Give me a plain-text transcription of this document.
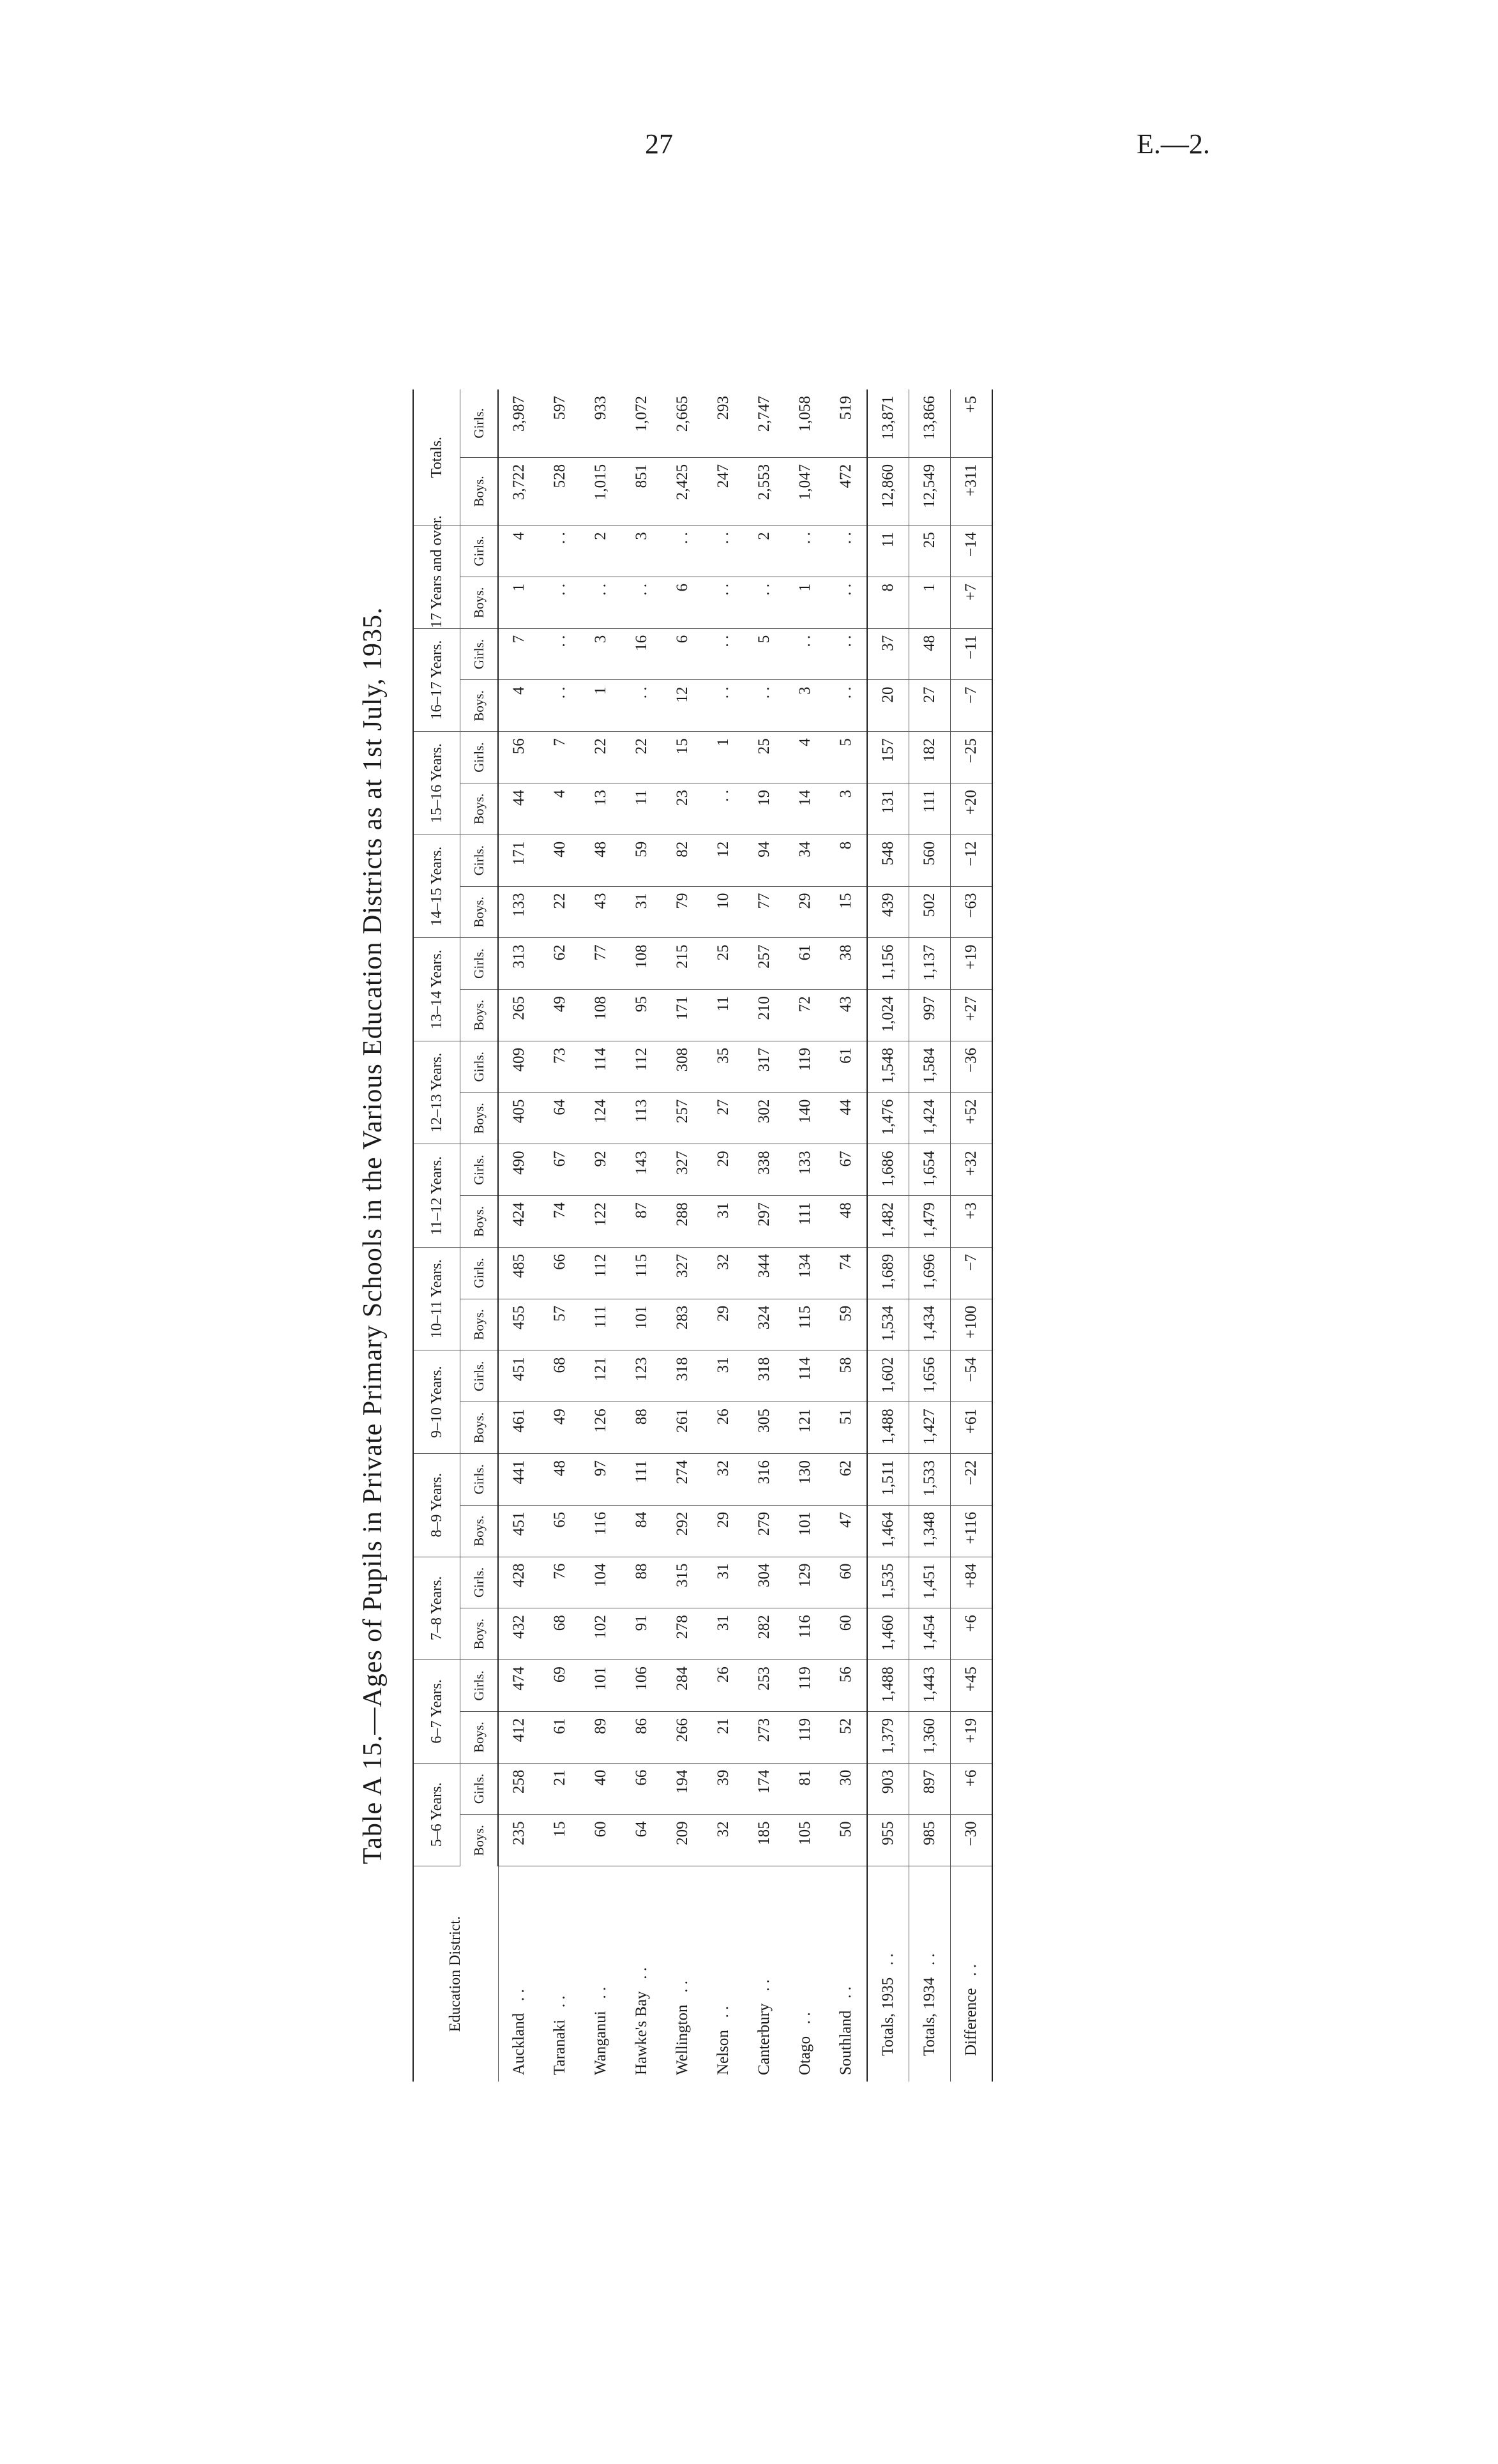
27	E.—2.
Table A 15.—Ages of Pupils in Private Primary Schools in the Various Education Districts as at 1st July, 1935.
Education District.	5–6 Years.		6–7 Years.		7–8 Years.		8–9 Years.		9–10 Years.		10–11 Years.		11–12 Years.		12–13 Years.		13–14 Years.		14–15 Years.		15–16 Years.		16–17 Years.		17 Years and over.		Totals.	
	Boys.	Girls.	Boys.	Girls.	Boys.	Girls.	Boys.	Girls.	Boys.	Girls.	Boys.	Girls.	Boys.	Girls.	Boys.	Girls.	Boys.	Girls.	Boys.	Girls.	Boys.	Girls.	Boys.	Girls.	Boys.	Girls.	Boys.	Girls.
Auckland   . .	235	258	412	474	432	428	451	441	461	451	455	485	424	490	405	409	265	313	133	171	44	56	4	7	1	4	3,722	3,987
Taranaki   . .	15	21	61	69	68	76	65	48	49	68	57	66	74	67	64	73	49	62	22	40	4	7	. .	. .	. .	. .	528	597
Wanganui   . .	60	40	89	101	102	104	116	97	126	121	111	112	122	92	124	114	108	77	43	48	13	22	1	3	. .	2	1,015	933
Hawke's Bay   . .	64	66	86	106	91	88	84	111	88	123	101	115	87	143	113	112	95	108	31	59	11	22	. .	16	. .	3	851	1,072
Wellington   . .	209	194	266	284	278	315	292	274	261	318	283	327	288	327	257	308	171	215	79	82	23	15	12	6	6	. .	2,425	2,665
Nelson   . .	32	39	21	26	31	31	29	32	26	31	29	32	31	29	27	35	11	25	10	12	. .	1	. .	. .	. .	. .	247	293
Canterbury   . .	185	174	273	253	282	304	279	316	305	318	324	344	297	338	302	317	210	257	77	94	19	25	. .	5	. .	2	2,553	2,747
Otago   . .	105	81	119	119	116	129	101	130	121	114	115	134	111	133	140	119	72	61	29	34	14	4	3	. .	1	. .	1,047	1,058
Southland   . .	50	30	52	56	60	60	47	62	51	58	59	74	48	67	44	61	43	38	15	8	3	5	. .	. .	. .	. .	472	519
Totals, 1935   . .	955	903	1,379	1,488	1,460	1,535	1,464	1,511	1,488	1,602	1,534	1,689	1,482	1,686	1,476	1,548	1,024	1,156	439	548	131	157	20	37	8	11	12,860	13,871
Totals, 1934   . .	985	897	1,360	1,443	1,454	1,451	1,348	1,533	1,427	1,656	1,434	1,696	1,479	1,654	1,424	1,584	997	1,137	502	560	111	182	27	48	1	25	12,549	13,866
Difference   . .	−30	+6	+19	+45	+6	+84	+116	−22	+61	−54	+100	−7	+3	+32	+52	−36	+27	+19	−63	−12	+20	−25	−7	−11	+7	−14	+311	+5
